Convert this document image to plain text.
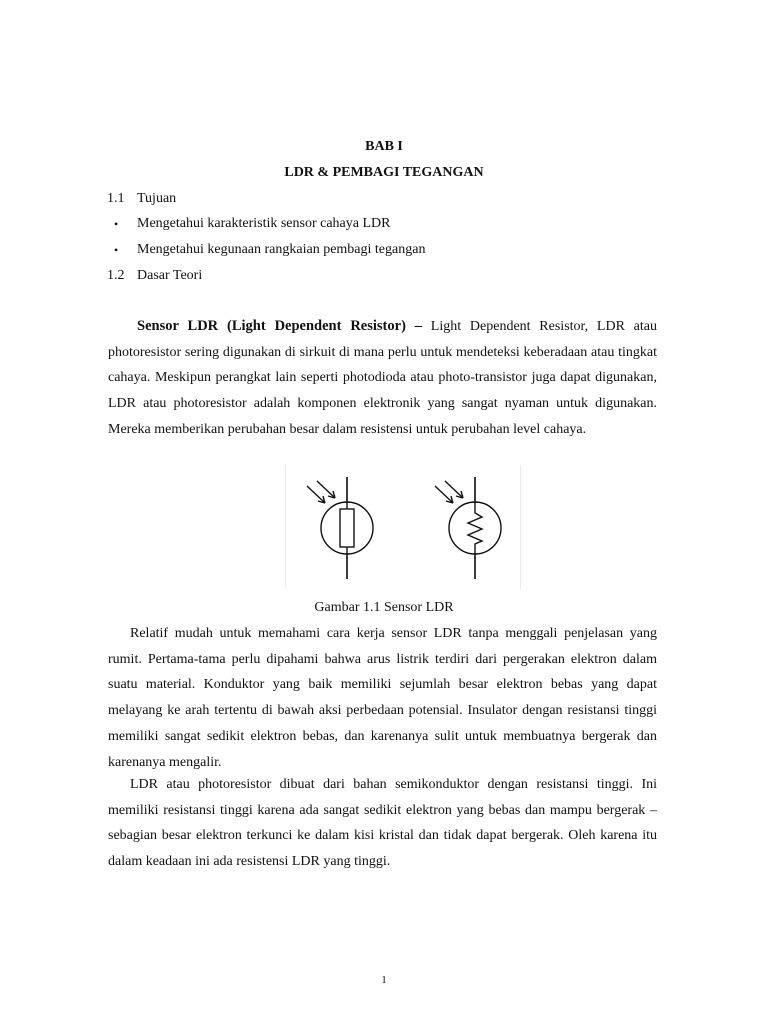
BAB I
LDR & PEMBAGI TEGANGAN
1.1 Tujuan
• Mengetahui karakteristik sensor cahaya LDR
• Mengetahui kegunaan rangkaian pembagi tegangan
1.2 Dasar Teori

Sensor LDR (Light Dependent Resistor) – Light Dependent Resistor, LDR atau photoresistor sering digunakan di sirkuit di mana perlu untuk mendeteksi keberadaan atau tingkat cahaya. Meskipun perangkat lain seperti photodioda atau photo-transistor juga dapat digunakan, LDR atau photoresistor adalah komponen elektronik yang sangat nyaman untuk digunakan. Mereka memberikan perubahan besar dalam resistensi untuk perubahan level cahaya.

Gambar 1.1 Sensor LDR

Relatif mudah untuk memahami cara kerja sensor LDR tanpa menggali penjelasan yang rumit. Pertama-tama perlu dipahami bahwa arus listrik terdiri dari pergerakan elektron dalam suatu material. Konduktor yang baik memiliki sejumlah besar elektron bebas yang dapat melayang ke arah tertentu di bawah aksi perbedaan potensial. Insulator dengan resistansi tinggi memiliki sangat sedikit elektron bebas, dan karenanya sulit untuk membuatnya bergerak dan karenanya mengalir.

LDR atau photoresistor dibuat dari bahan semikonduktor dengan resistansi tinggi. Ini memiliki resistansi tinggi karena ada sangat sedikit elektron yang bebas dan mampu bergerak – sebagian besar elektron terkunci ke dalam kisi kristal dan tidak dapat bergerak. Oleh karena itu dalam keadaan ini ada resistensi LDR yang tinggi.

1
